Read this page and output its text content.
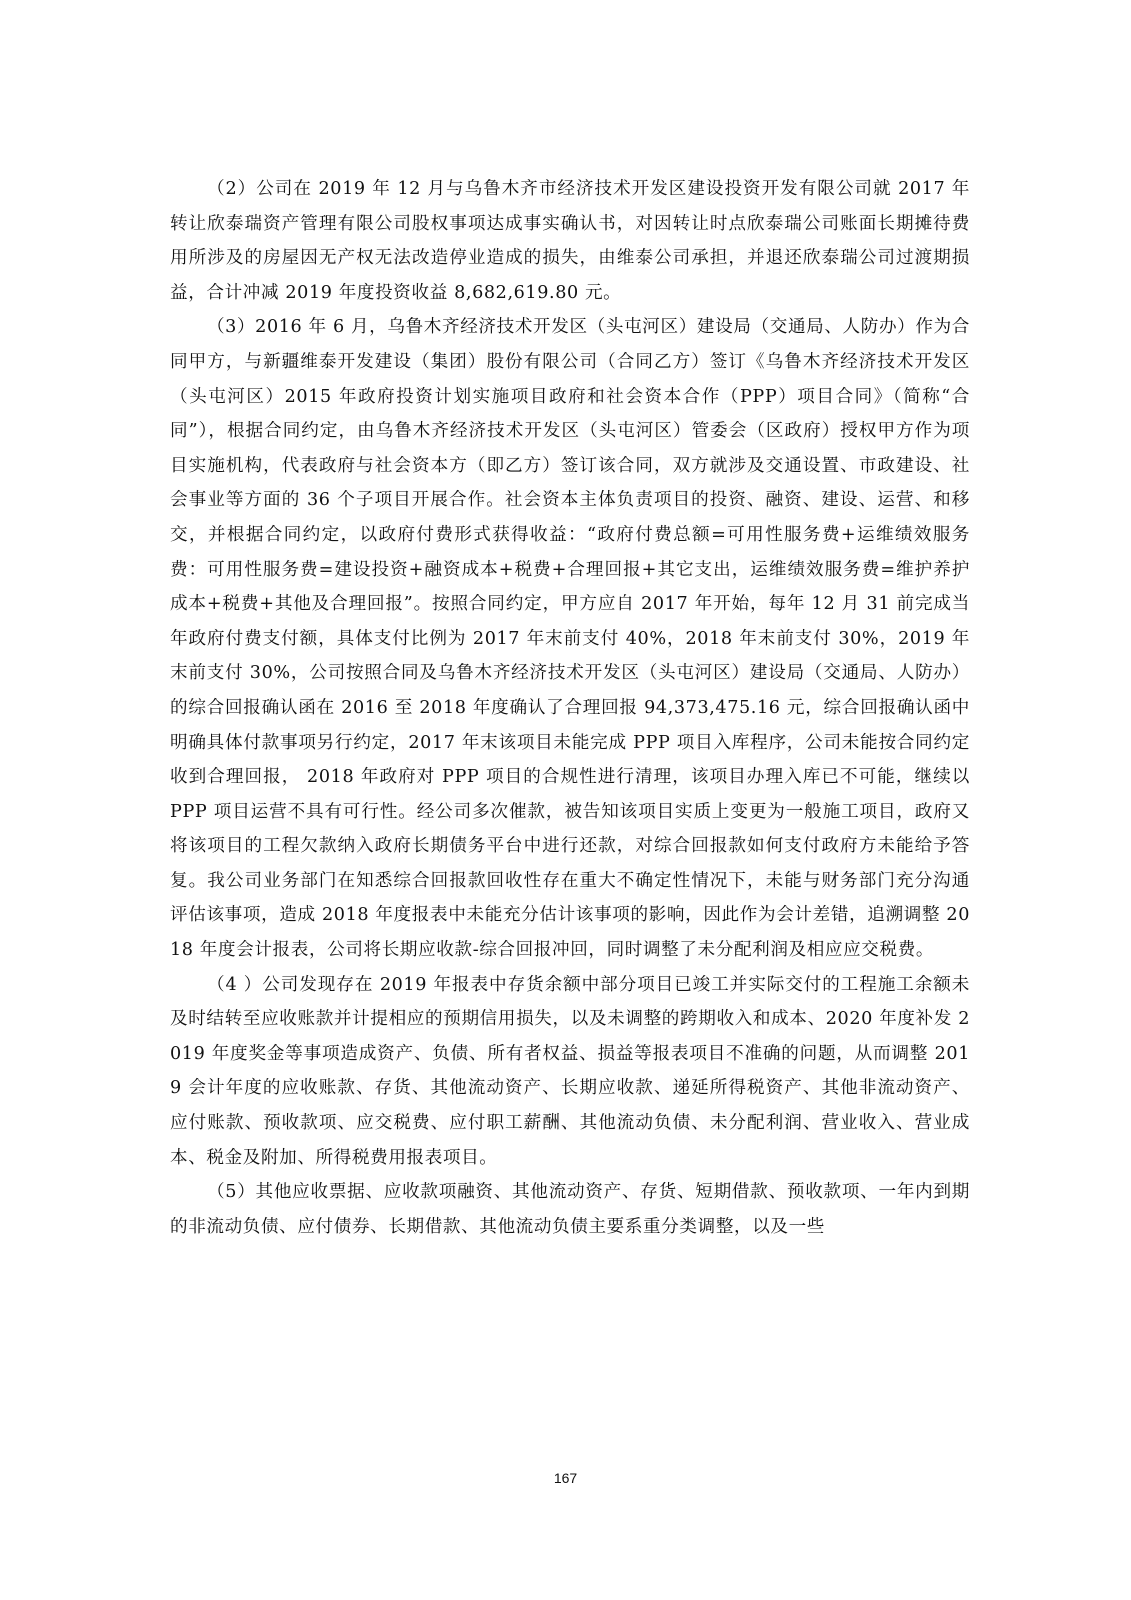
（2）公司在 2019 年 12 月与乌鲁木齐市经济技术开发区建设投资开发有限公司就 2017 年转让欣泰瑞资产管理有限公司股权事项达成事实确认书，对因转让时点欣泰瑞公司账面长期摊待费用所涉及的房屋因无产权无法改造停业造成的损失，由维泰公司承担，并退还欣泰瑞公司过渡期损益，合计冲减 2019 年度投资收益 8,682,619.80 元。

（3）2016 年 6 月，乌鲁木齐经济技术开发区（头屯河区）建设局（交通局、人防办）作为合同甲方，与新疆维泰开发建设（集团）股份有限公司（合同乙方）签订《乌鲁木齐经济技术开发区（头屯河区）2015 年政府投资计划实施项目政府和社会资本合作（PPP）项目合同》（简称“合同”），根据合同约定，由乌鲁木齐经济技术开发区（头屯河区）管委会（区政府）授权甲方作为项目实施机构，代表政府与社会资本方（即乙方）签订该合同，双方就涉及交通设置、市政建设、社会事业等方面的 36 个子项目开展合作。社会资本主体负责项目的投资、融资、建设、运营、和移交，并根据合同约定，以政府付费形式获得收益：“政府付费总额=可用性服务费+运维绩效服务费：可用性服务费=建设投资+融资成本+税费+合理回报+其它支出，运维绩效服务费=维护养护成本+税费+其他及合理回报”。按照合同约定，甲方应自 2017 年开始，每年 12 月 31 前完成当年政府付费支付额，具体支付比例为 2017 年末前支付 40%，2018 年末前支付 30%，2019 年末前支付 30%，公司按照合同及乌鲁木齐经济技术开发区（头屯河区）建设局（交通局、人防办）的综合回报确认函在 2016 至 2018 年度确认了合理回报 94,373,475.16 元，综合回报确认函中明确具体付款事项另行约定，2017 年末该项目未能完成 PPP 项目入库程序，公司未能按合同约定收到合理回报， 2018 年政府对 PPP 项目的合规性进行清理，该项目办理入库已不可能，继续以 PPP 项目运营不具有可行性。经公司多次催款，被告知该项目实质上变更为一般施工项目，政府又将该项目的工程欠款纳入政府长期债务平台中进行还款，对综合回报款如何支付政府方未能给予答复。我公司业务部门在知悉综合回报款回收性存在重大不确定性情况下，未能与财务部门充分沟通评估该事项，造成 2018 年度报表中未能充分估计该事项的影响，因此作为会计差错，追溯调整 2018 年度会计报表，公司将长期应收款-综合回报冲回，同时调整了未分配利润及相应应交税费。

（4 ）公司发现存在 2019 年报表中存货余额中部分项目已竣工并实际交付的工程施工余额未及时结转至应收账款并计提相应的预期信用损失，以及未调整的跨期收入和成本、2020 年度补发 2019 年度奖金等事项造成资产、负债、所有者权益、损益等报表项目不准确的问题，从而调整 2019 会计年度的应收账款、存货、其他流动资产、长期应收款、递延所得税资产、其他非流动资产、应付账款、预收款项、应交税费、应付职工薪酬、其他流动负债、未分配利润、营业收入、营业成本、税金及附加、所得税费用报表项目。

（5）其他应收票据、应收款项融资、其他流动资产、存货、短期借款、预收款项、一年内到期的非流动负债、应付债券、长期借款、其他流动负债主要系重分类调整，以及一些

167
